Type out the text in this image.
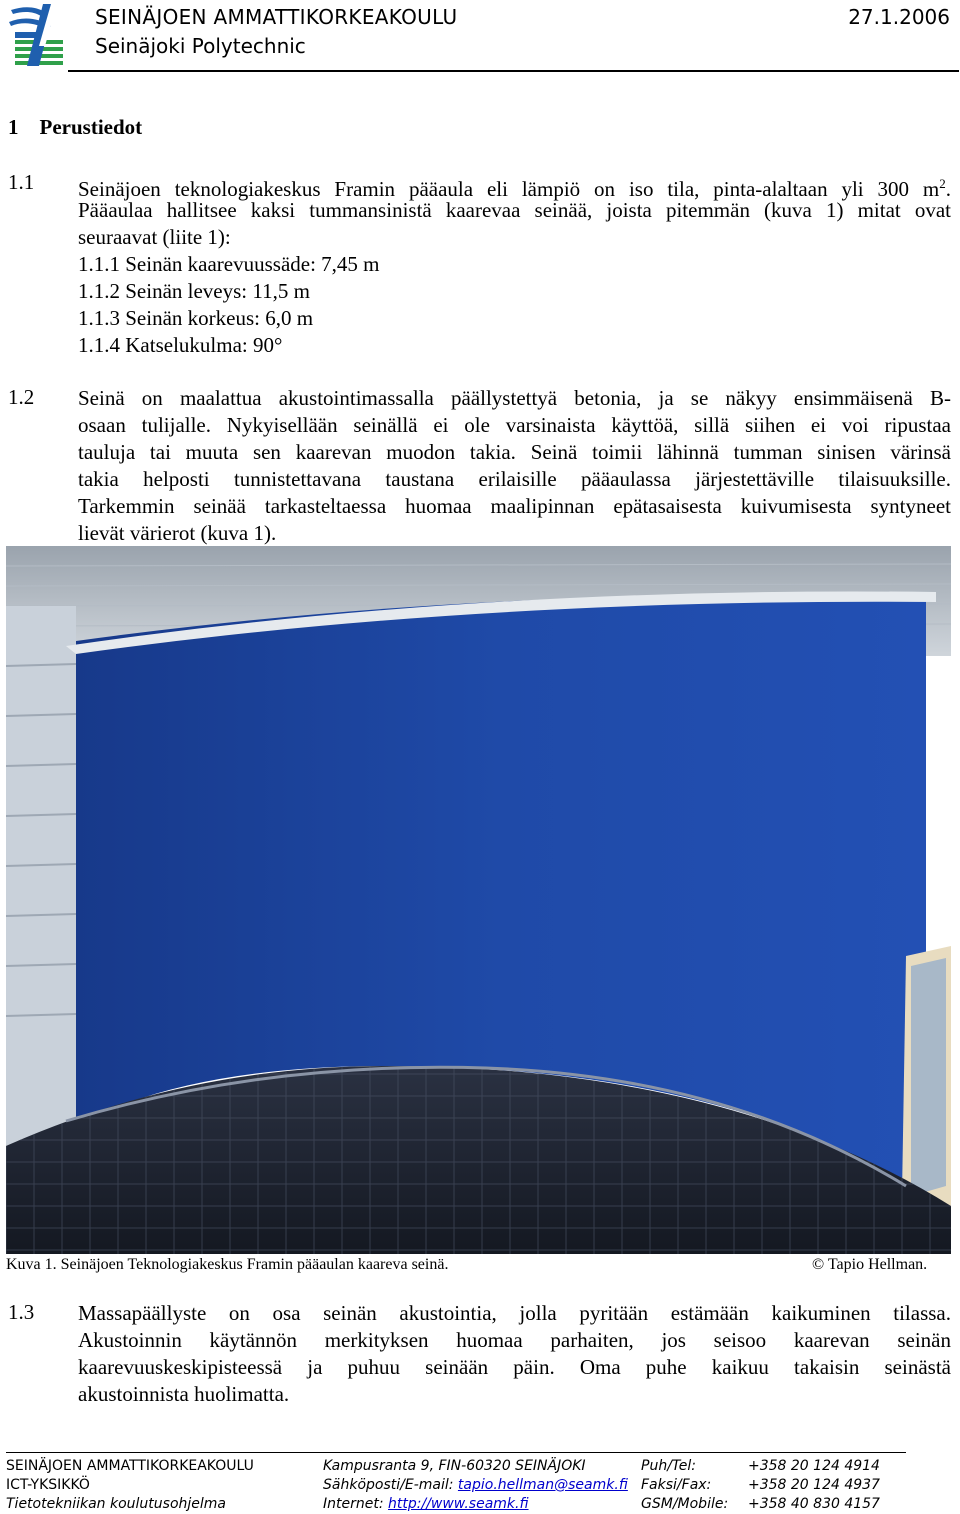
SEINÄJOEN AMMATTIKORKEAKOULU
Seinäjoki Polytechnic
27.1.2006
1 Perustiedot
1.1 Seinäjoen teknologiakeskus Framin pääaula eli lämpiö on iso tila, pinta-alaltaan yli 300 $m^2$.
Pääaulaa hallitsee kaksi tummansinistä kaarevaa seinää, joista pitemmän (kuva 1) mitat ovat
seuraavat (liite 1):
1.1.1 Seinän kaarevuussäde: 7,45 m
1.1.2 Seinän leveys: 11,5 m
1.1.3 Seinän korkeus: 6,0 m
1.1.4 Katselukulma: 90°
1.2 Seinä on maalattua akustointimassalla päällystettyä betonia, ja se näkyy ensimmäisenä B-
osaan tulijalle. Nykyisellään seinällä ei ole varsinaista käyttöä, sillä siihen ei voi ripustaa
tauluja tai muuta sen kaarevan muodon takia. Seinä toimii lähinnä tumman sinisen värinsä
takia helposti tunnistettavana taustana erilaisille pääaulassa järjestettäville tilaisuuksille.
Tarkemmin seinää tarkasteltaessa huomaa maalipinnan epätasaisesta kuivumisesta syntyneet
lievät värierot (kuva 1).
Kuva 1. Seinäjoen Teknologiakeskus Framin pääaulan kaareva seinä.	© Tapio Hellman.
1.3 Massapäällyste on osa seinän akustointia, jolla pyritään estämään kaikuminen tilassa.
Akustoinnin käytännön merkityksen huomaa parhaiten, jos seisoo kaarevan seinän
kaarevuuskeskipisteessä ja puhuu seinään päin. Oma puhe kaikuu takaisin seinästä
akustoinnista huolimatta.
SEINÄJOEN AMMATTIKORKEAKOULU
ICT-YKSIKKÖ
Tietotekniikan koulutusohjelma
Kampusranta 9, FIN-60320 SEINÄJOKI
Sähköposti/E-mail: tapio.hellman@seamk.fi
Internet: http://www.seamk.fi
Puh/Tel:
Faksi/Fax:
GSM/Mobile:
+358 20 124 4914
+358 20 124 4937
+358 40 830 4157
